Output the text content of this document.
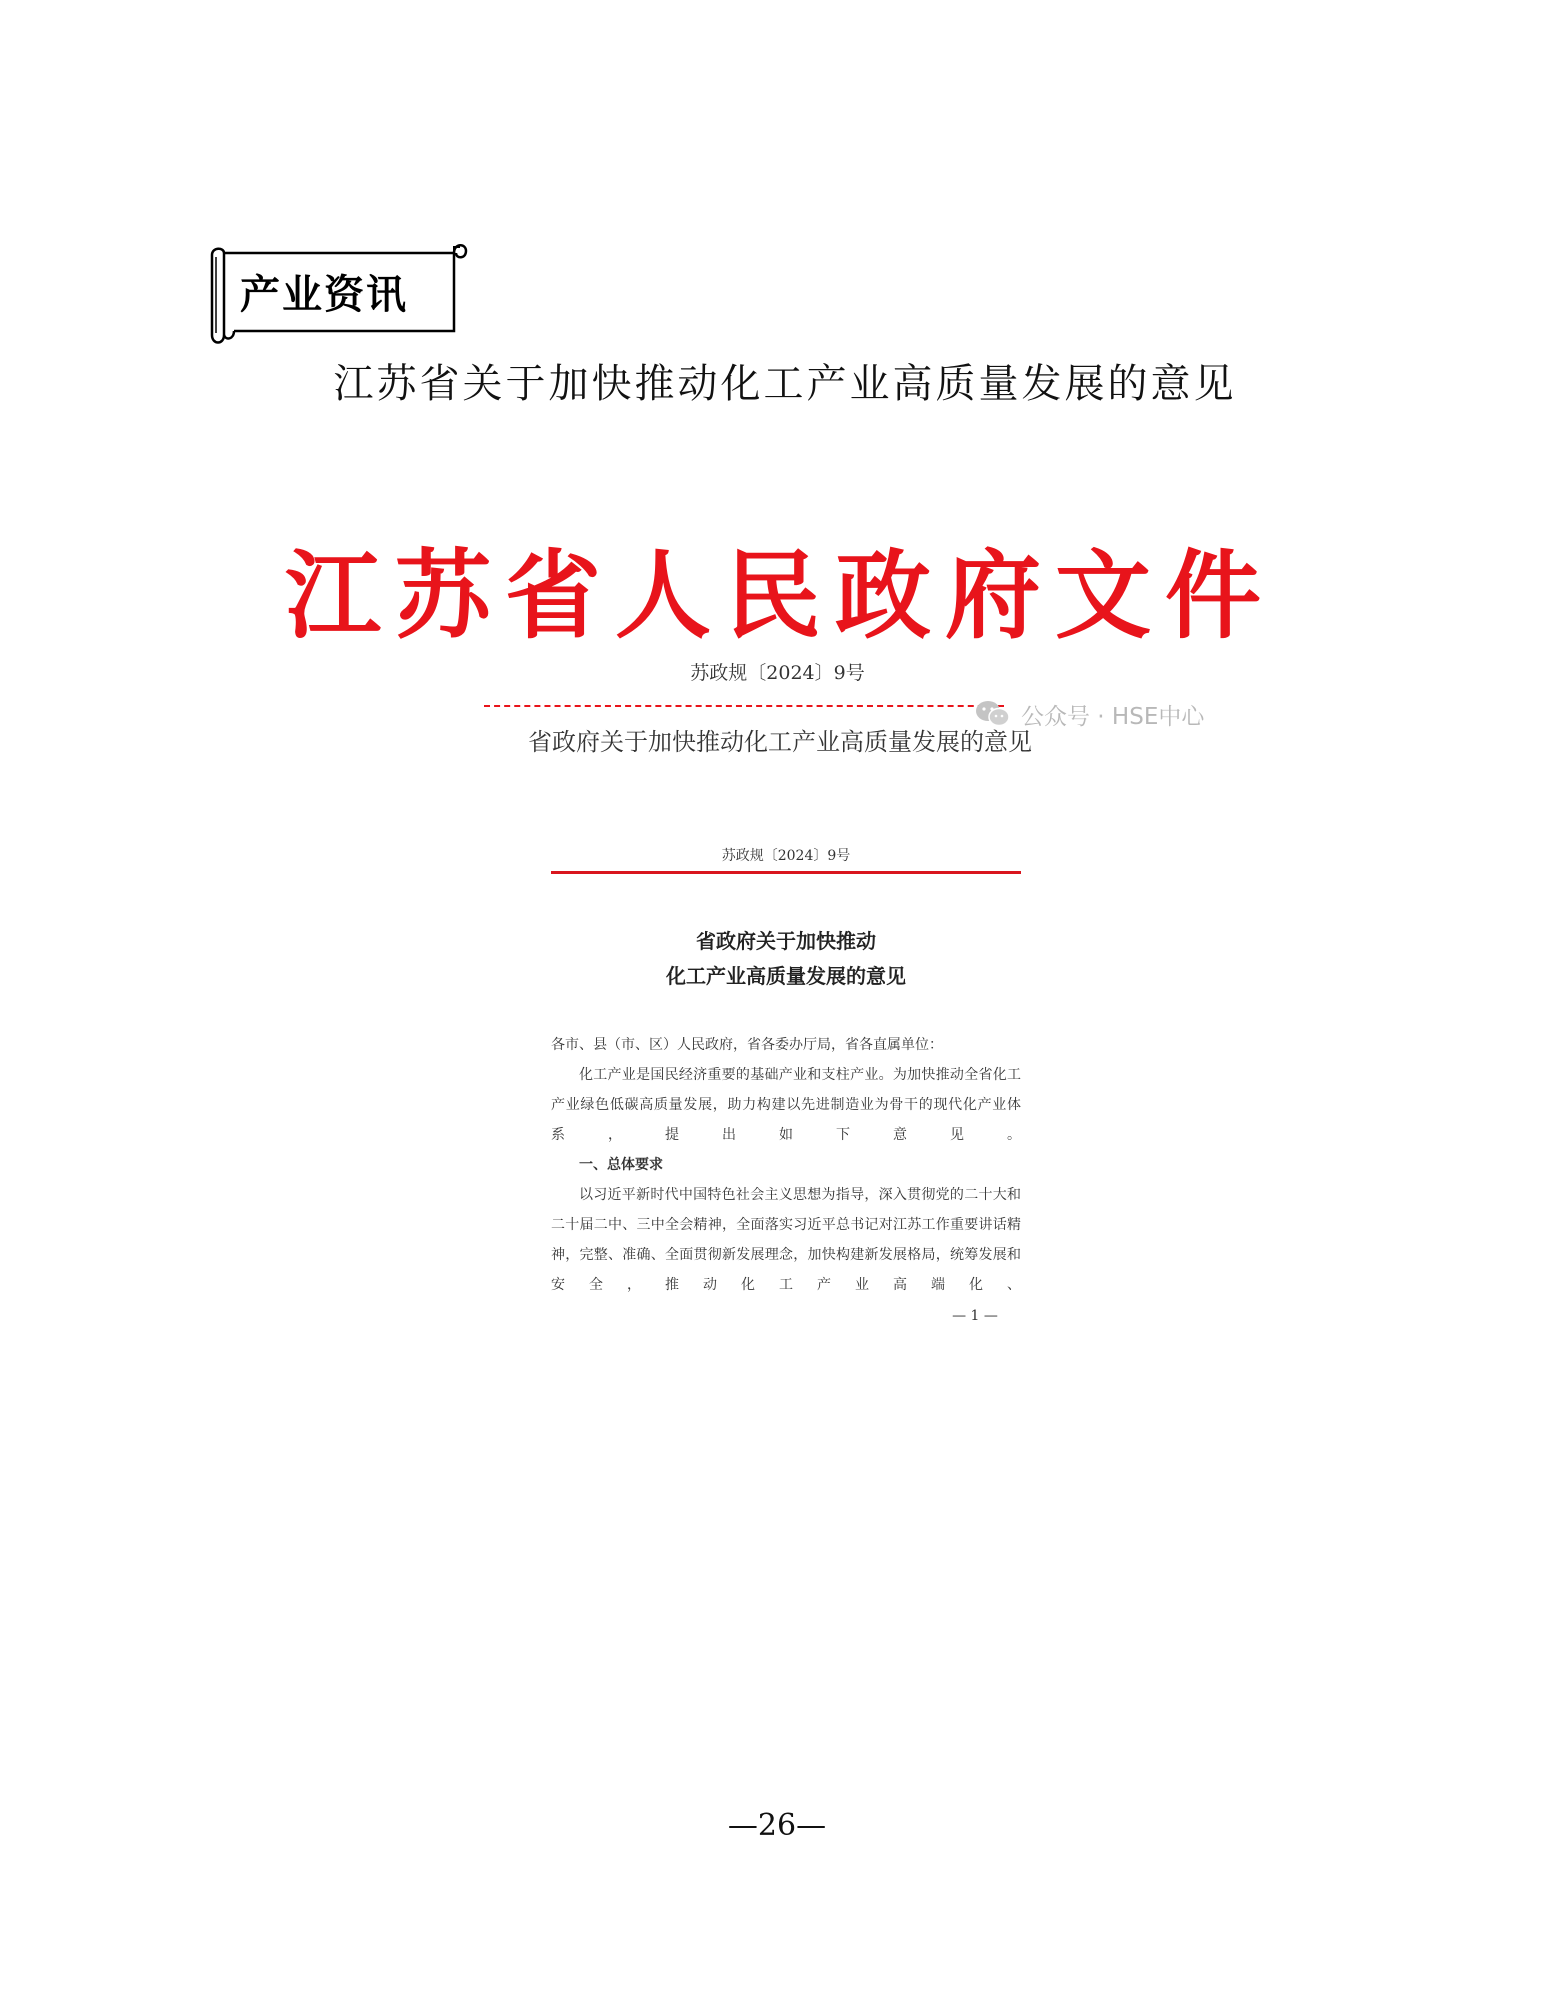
产业资讯
江苏省关于加快推动化工产业高质量发展的意见
江苏省人民政府文件
苏政规〔2024〕9号
公众号 · HSE中心
省政府关于加快推动化工产业高质量发展的意见
苏政规〔2024〕9号
省政府关于加快推动
化工产业高质量发展的意见

各市、县（市、区）人民政府，省各委办厅局，省各直属单位：

化工产业是国民经济重要的基础产业和支柱产业。为加快推动全省化工产业绿色低碳高质量发展，助力构建以先进制造业为骨干的现代化产业体系，提出如下意见。

一、总体要求

以习近平新时代中国特色社会主义思想为指导，深入贯彻党的二十大和二十届二中、三中全会精神，全面落实习近平总书记对江苏工作重要讲话精神，完整、准确、全面贯彻新发展理念，加快构建新发展格局，统筹发展和安全，推动化工产业高端化、

— 1 —
—26—
